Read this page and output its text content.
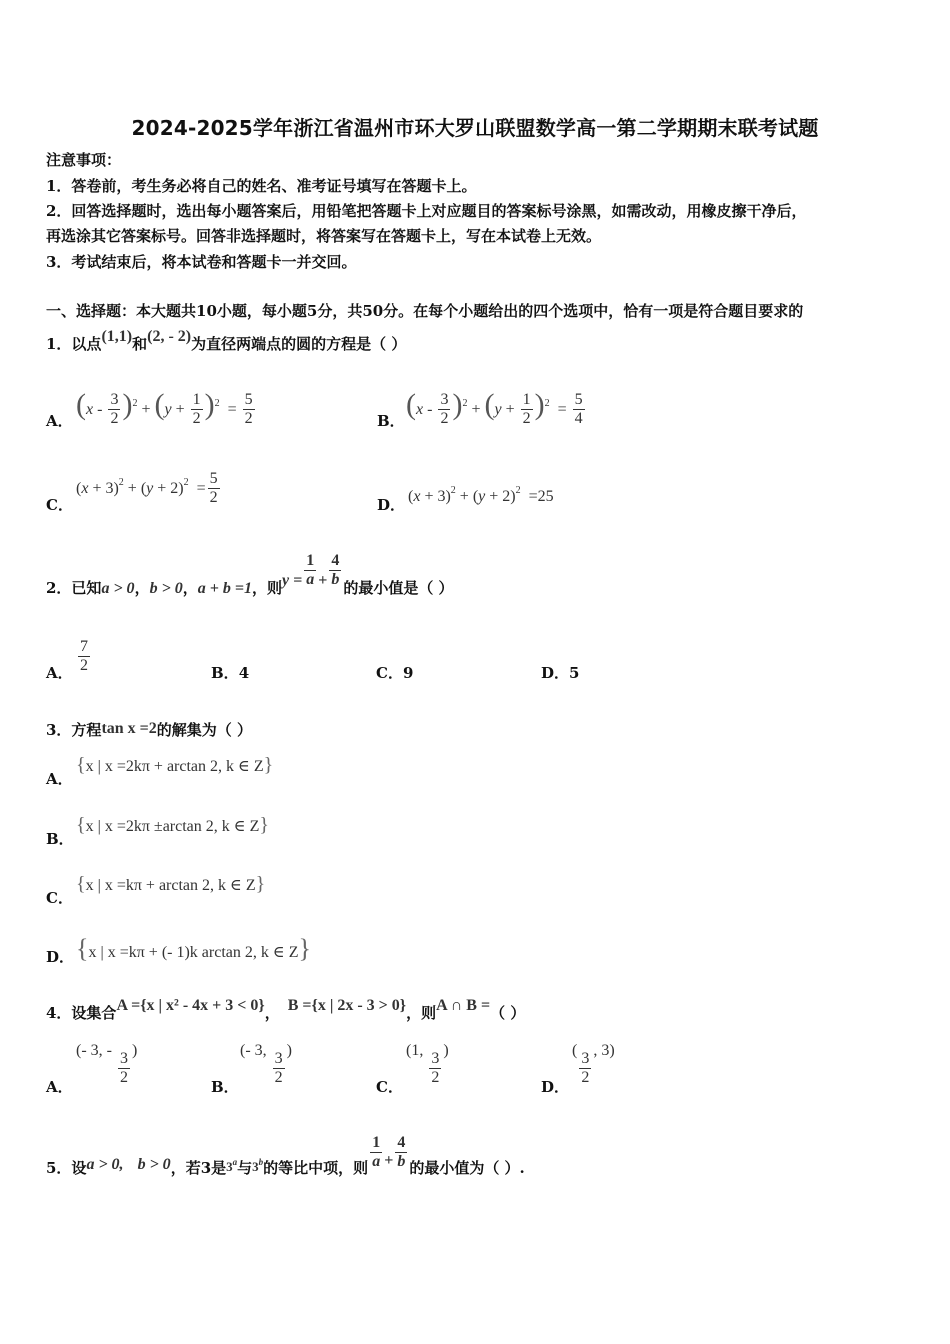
2024-2025学年浙江省温州市环大罗山联盟数学高一第二学期期末联考试题
注意事项：
1．答卷前，考生务必将自己的姓名、准考证号填写在答题卡上。
2．回答选择题时，选出每小题答案后，用铅笔把答题卡上对应题目的答案标号涂黑，如需改动，用橡皮擦干净后，
再选涂其它答案标号。回答非选择题时，将答案写在答题卡上，写在本试卷上无效。
3．考试结束后，将本试卷和答题卡一并交回。
一、选择题：本大题共10小题，每小题5分，共50分。在每个小题给出的四个选项中，恰有一项是符合题目要求的
1．以点(1,1)和(2, - 2)为直径两端点的圆的方程是（ ）
A． $(x - \frac{3}{2} )^2 + (y + \frac{1}{2} )^2 = \frac{5}{2}$	B． $(x - \frac{3}{2} )^2 + (y + \frac{1}{2} )^2 = \frac{5}{4}$
C．
$(x + 3)^2 + (y + 2)^2 = \frac{5}{2}$	D． $(x + 3)^2 + (y + 2)^2 =25$
2．已知a > 0，b > 0，a + b =1，则$y = \frac{1}{a} + \frac{4}{b}$ 的最小值是（ ）
A． $\frac{7}{2}$	B．4	C．9	D．5
3．方程tan x =2的解集为（ ）
A．
{x | x =2kπ + arctan 2, k ∈ Z}
B．
{x | x =2kπ ±arctan 2, k ∈ Z}
C．
{x | x =kπ + arctan 2, k ∈ Z}
D． {x | x =kπ + (- 1)k arctan 2, k ∈ Z}
4．设集合A ={x | x² - 4x + 3 < 0}， B ={x | 2x - 3 > 0}，则A ∩ B =（ ）
A．
(- 3, - $\frac{3}{2}$ )
B．
(- 3, $\frac{3}{2}$ )
C．
(1, $\frac{3}{2}$ )
D．
( $\frac{3}{2}$ , 3)
5．设a > 0, b > 0，若3是3$^a$与3$^b$的等比中项，则 $\frac{1}{a} + \frac{4}{b}$ 的最小值为（ ）.
